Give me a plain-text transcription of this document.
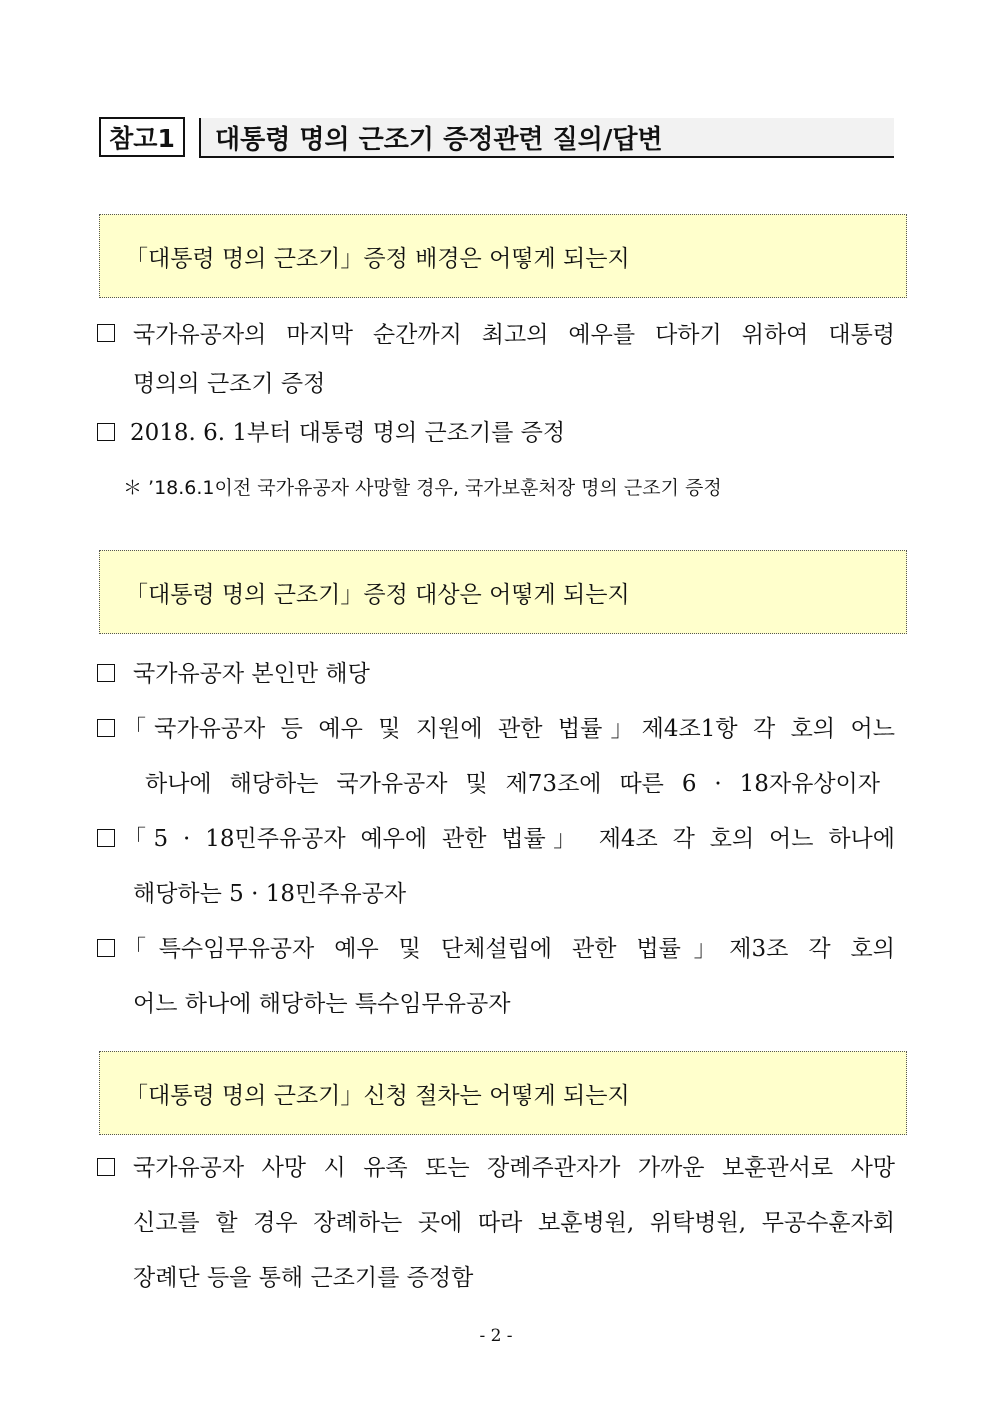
참고1	대통령 명의 근조기 증정관련 질의/답변
「대통령 명의 근조기」증정 배경은 어떻게 되는지
국가유공자의 마지막 순간까지 최고의 예우를 다하기 위하여 대통령
명의의 근조기 증정
2018. 6. 1부터 대통령 명의 근조기를 증정
＊ ’18.6.1이전 국가유공자 사망할 경우, 국가보훈처장 명의 근조기 증정
「대통령 명의 근조기」증정 대상은 어떻게 되는지
국가유공자 본인만 해당
「국가유공자 등 예우 및 지원에 관한 법률」제4조1항 각 호의 어느
하나에 해당하는 국가유공자 및 제73조에 따른 6 · 18자유상이자
「5 · 18민주유공자 예우에 관한 법률」 제4조 각 호의 어느 하나에
해당하는 5 · 18민주유공자
「특수임무유공자 예우 및 단체설립에 관한 법률」제3조 각 호의
어느 하나에 해당하는 특수임무유공자
「대통령 명의 근조기」신청 절차는 어떻게 되는지
국가유공자 사망 시 유족 또는 장례주관자가 가까운 보훈관서로 사망
신고를 할 경우 장례하는 곳에 따라 보훈병원, 위탁병원, 무공수훈자회
장례단 등을 통해 근조기를 증정함
- 2 -
